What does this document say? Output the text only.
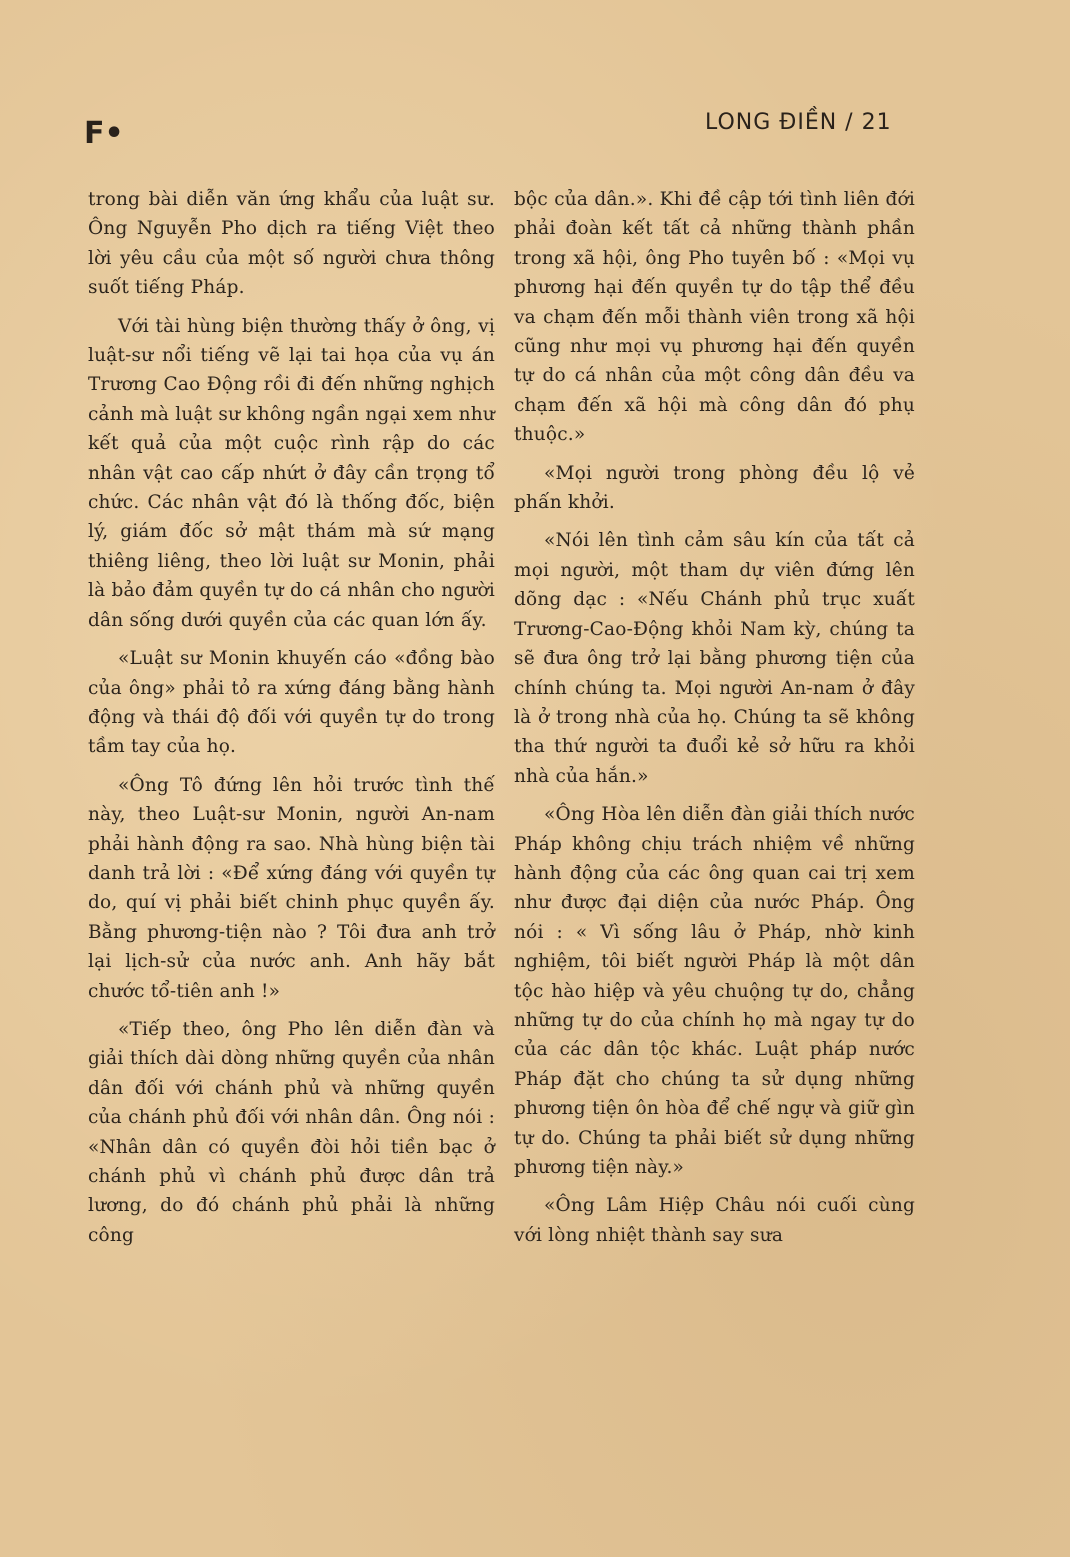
F•	LONG ĐIỀN / 21

trong bài diễn văn ứng khẩu của luật sư. Ông Nguyễn Pho dịch ra tiếng Việt theo lời yêu cầu của một số người chưa thông suốt tiếng Pháp.

Với tài hùng biện thường thấy ở ông, vị luật-sư nổi tiếng vẽ lại tai họa của vụ án Trương Cao Động rồi đi đến những nghịch cảnh mà luật sư không ngần ngại xem như kết quả của một cuộc rình rập do các nhân vật cao cấp nhứt ở đây cần trọng tổ chức. Các nhân vật đó là thống đốc, biện lý, giám đốc sở mật thám mà sứ mạng thiêng liêng, theo lời luật sư Monin, phải là bảo đảm quyền tự do cá nhân cho người dân sống dưới quyền của các quan lớn ấy.

«Luật sư Monin khuyến cáo «đồng bào của ông» phải tỏ ra xứng đáng bằng hành động và thái độ đối với quyền tự do trong tầm tay của họ.

«Ông Tô đứng lên hỏi trước tình thế này, theo Luật-sư Monin, người An-nam phải hành động ra sao. Nhà hùng biện tài danh trả lời : «Để xứng đáng với quyền tự do, quí vị phải biết chinh phục quyền ấy. Bằng phương-tiện nào ? Tôi đưa anh trở lại lịch-sử của nước anh. Anh hãy bắt chước tổ-tiên anh !»

«Tiếp theo, ông Pho lên diễn đàn và giải thích dài dòng những quyền của nhân dân đối với chánh phủ và những quyền của chánh phủ đối với nhân dân. Ông nói : «Nhân dân có quyền đòi hỏi tiền bạc ở chánh phủ vì chánh phủ được dân trả lương, do đó chánh phủ phải là những công

bộc của dân.». Khi đề cập tới tình liên đới phải đoàn kết tất cả những thành phần trong xã hội, ông Pho tuyên bố : «Mọi vụ phương hại đến quyền tự do tập thể đều va chạm đến mỗi thành viên trong xã hội cũng như mọi vụ phương hại đến quyền tự do cá nhân của một công dân đều va chạm đến xã hội mà công dân đó phụ thuộc.»

«Mọi người trong phòng đều lộ vẻ phấn khởi.

«Nói lên tình cảm sâu kín của tất cả mọi người, một tham dự viên đứng lên dõng dạc : «Nếu Chánh phủ trục xuất Trương-Cao-Động khỏi Nam kỳ, chúng ta sẽ đưa ông trở lại bằng phương tiện của chính chúng ta. Mọi người An-nam ở đây là ở trong nhà của họ. Chúng ta sẽ không tha thứ người ta đuổi kẻ sở hữu ra khỏi nhà của hắn.»

«Ông Hòa lên diễn đàn giải thích nước Pháp không chịu trách nhiệm về những hành động của các ông quan cai trị xem như được đại diện của nước Pháp. Ông nói : « Vì sống lâu ở Pháp, nhờ kinh nghiệm, tôi biết người Pháp là một dân tộc hào hiệp và yêu chuộng tự do, chẳng những tự do của chính họ mà ngay tự do của các dân tộc khác. Luật pháp nước Pháp đặt cho chúng ta sử dụng những phương tiện ôn hòa để chế ngự và giữ gìn tự do. Chúng ta phải biết sử dụng những phương tiện này.»

«Ông Lâm Hiệp Châu nói cuối cùng với lòng nhiệt thành say sưa
